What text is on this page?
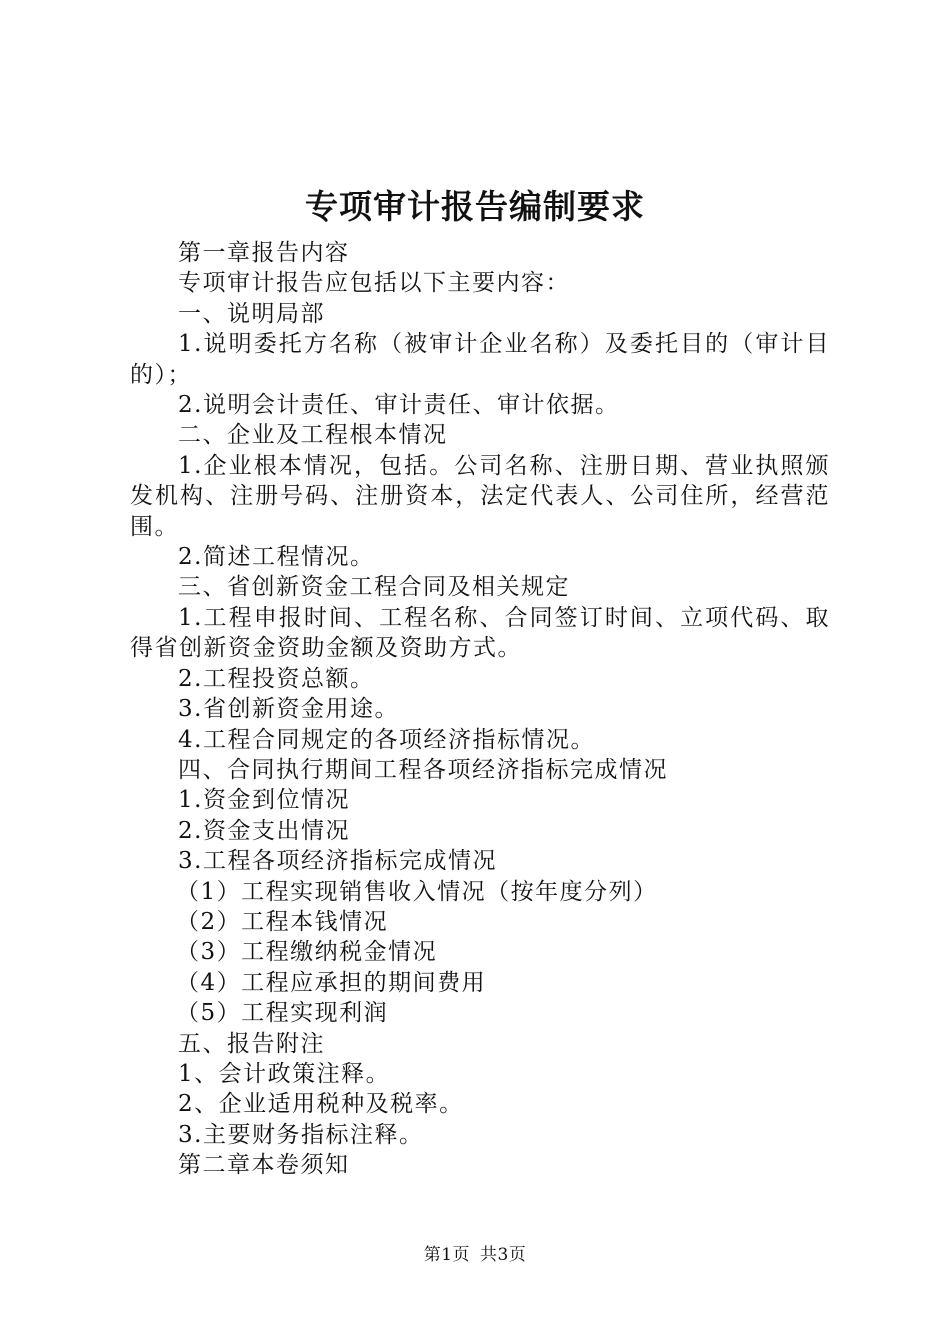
专项审计报告编制要求

第一章报告内容

专项审计报告应包括以下主要内容：

一、说明局部

1.说明委托方名称（被审计企业名称）及委托目的（审计目的）；

2.说明会计责任、审计责任、审计依据。

二、企业及工程根本情况

1.企业根本情况，包括。公司名称、注册日期、营业执照颁发机构、注册号码、注册资本，法定代表人、公司住所，经营范围。

2.简述工程情况。

三、省创新资金工程合同及相关规定

1.工程申报时间、工程名称、合同签订时间、立项代码、取得省创新资金资助金额及资助方式。

2.工程投资总额。

3.省创新资金用途。

4.工程合同规定的各项经济指标情况。

四、合同执行期间工程各项经济指标完成情况

1.资金到位情况

2.资金支出情况

3.工程各项经济指标完成情况

（1）工程实现销售收入情况（按年度分列）

（2）工程本钱情况

（3）工程缴纳税金情况

（4）工程应承担的期间费用

（5）工程实现利润

五、报告附注

1、会计政策注释。

2、企业适用税种及税率。

3.主要财务指标注释。

第二章本卷须知

第1页 共3页
